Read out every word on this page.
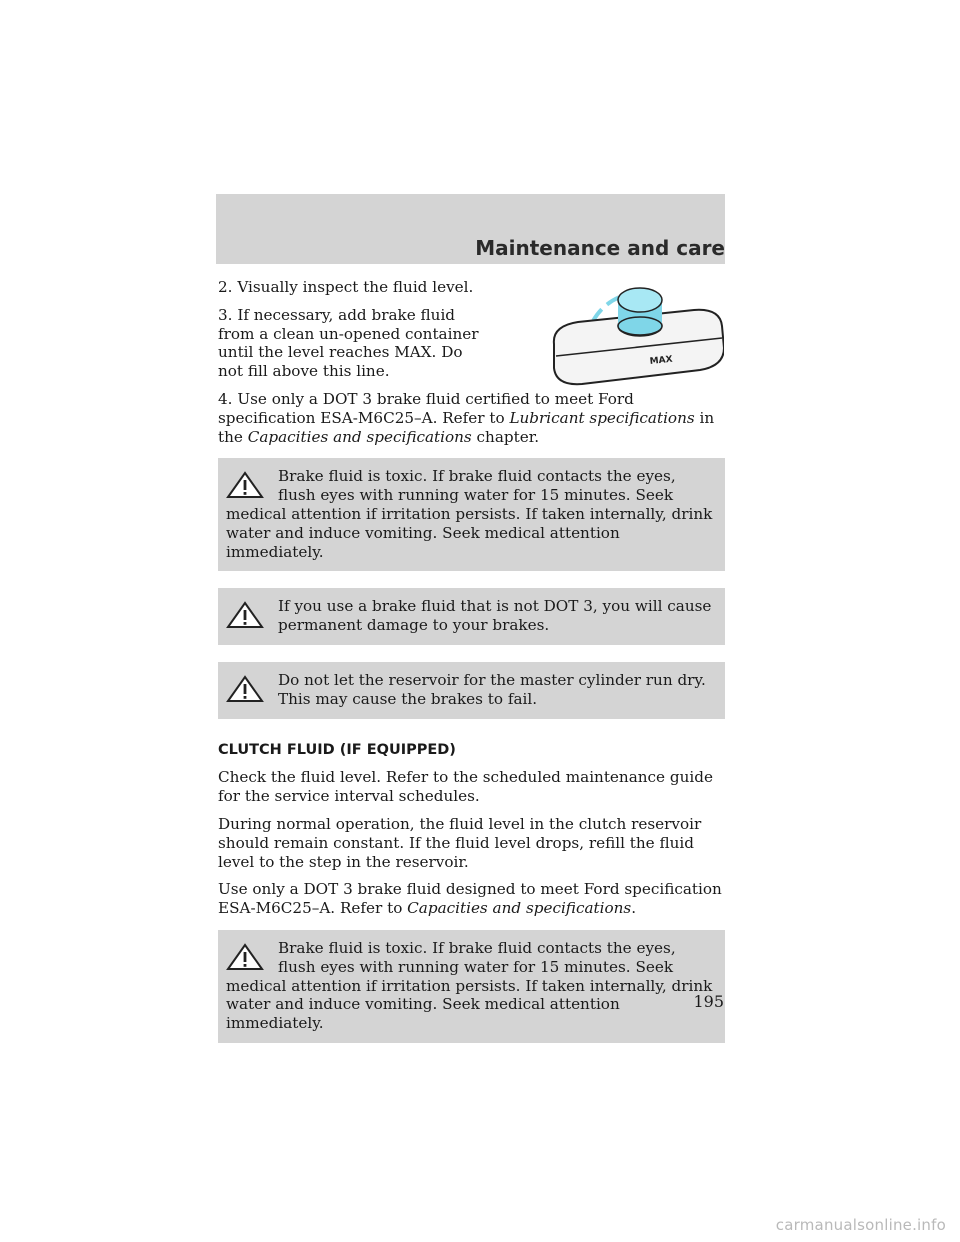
Maintenance and care
MAX

2. Visually inspect the fluid level.

3. If necessary, add brake fluid from a clean un-opened container until the level reaches MAX. Do not fill above this line.

4. Use only a DOT 3 brake fluid certified to meet Ford specification ESA-M6C25–A. Refer to Lubricant specifications in the Capacities and specifications chapter.

Brake fluid is toxic. If brake fluid contacts the eyes, flush eyes with running water for 15 minutes. Seek medical attention if irritation persists. If taken internally, drink water and induce vomiting. Seek medical attention immediately.
If you use a brake fluid that is not DOT 3, you will cause permanent damage to your brakes.
Do not let the reservoir for the master cylinder run dry. This may cause the brakes to fail.
CLUTCH FLUID (IF EQUIPPED)

Check the fluid level. Refer to the scheduled maintenance guide for the service interval schedules.

During normal operation, the fluid level in the clutch reservoir should remain constant. If the fluid level drops, refill the fluid level to the step in the reservoir.

Use only a DOT 3 brake fluid designed to meet Ford specification ESA-M6C25–A. Refer to Capacities and specifications.

Brake fluid is toxic. If brake fluid contacts the eyes, flush eyes with running water for 15 minutes. Seek medical attention if irritation persists. If taken internally, drink water and induce vomiting. Seek medical attention immediately.
195
carmanualsonline.info
